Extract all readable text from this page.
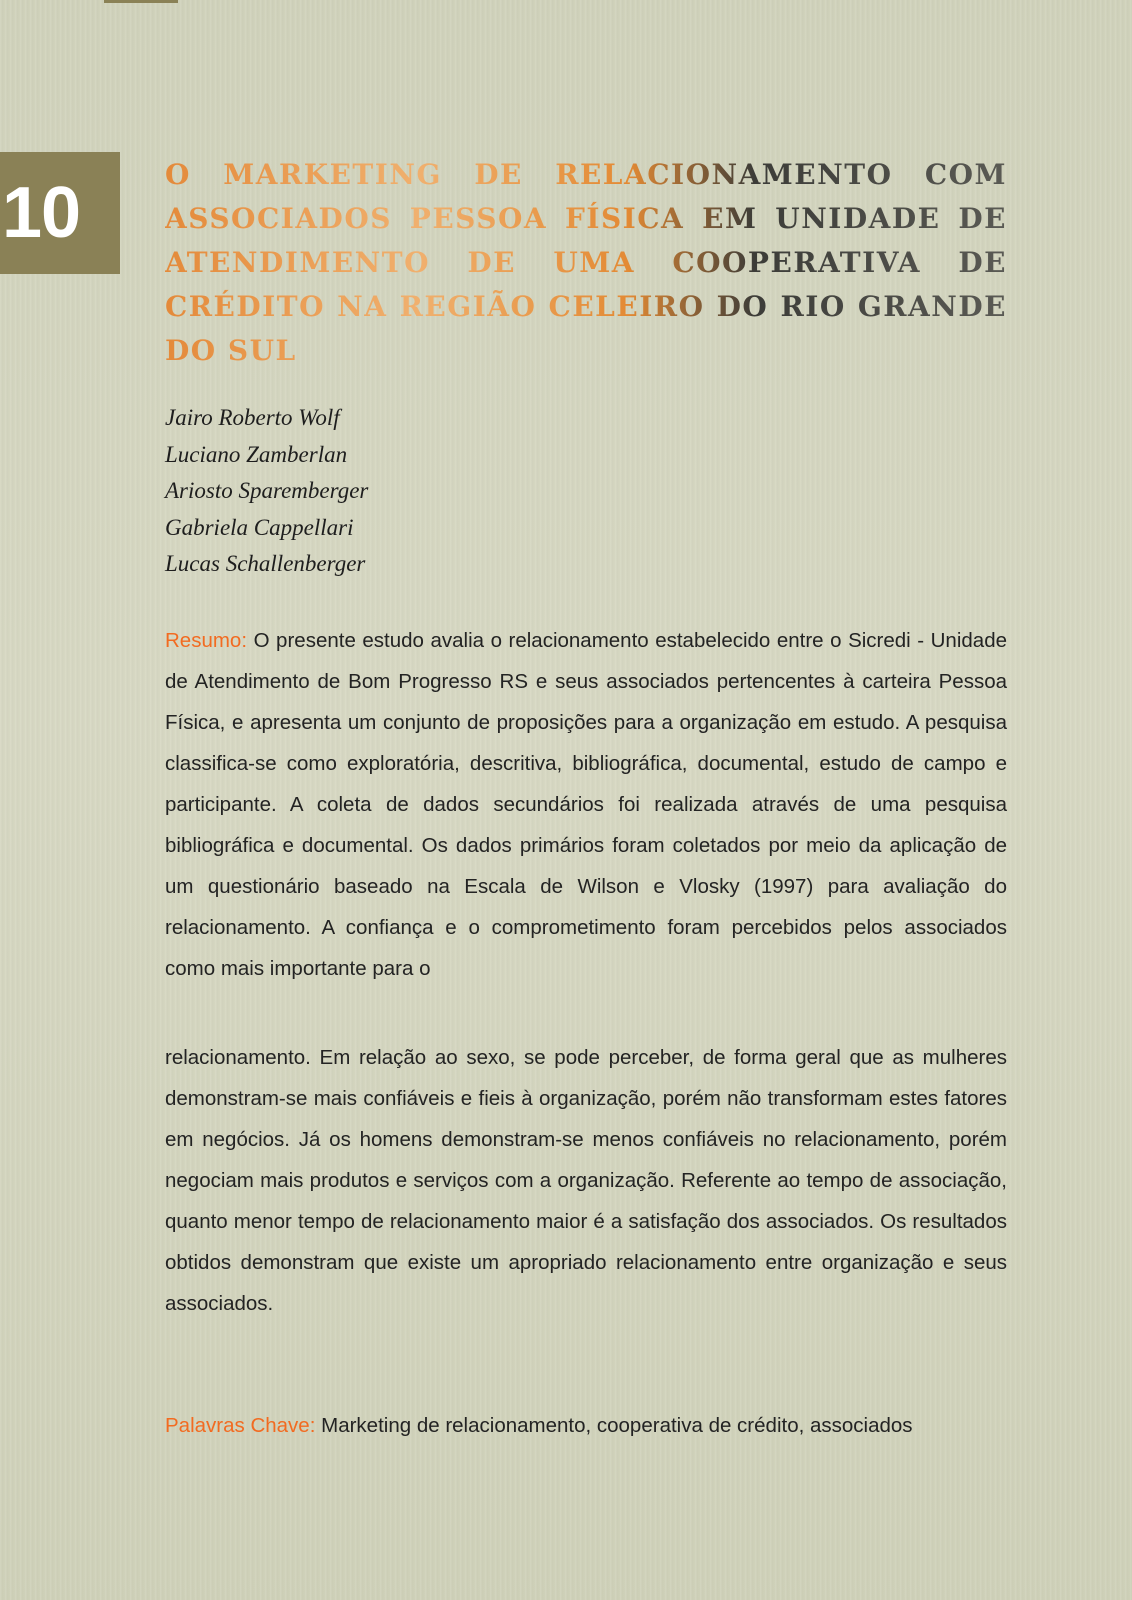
10	O MARKETING DE RELACIONAMENTO COM ASSOCIADOS PESSOA FÍSICA EM UNIDADE DE ATENDIMENTO DE UMA COOPERATIVA DE CRÉDITO NA REGIÃO CELEIRO DO RIO GRANDE DO SUL
Jairo Roberto Wolf
Luciano Zamberlan
Ariosto Sparemberger
Gabriela Cappellari
Lucas Schallenberger

Resumo: O presente estudo avalia o relacionamento estabelecido entre o Sicredi - Unidade de Atendimento de Bom Progresso RS e seus associados pertencentes à carteira Pessoa Física, e apresenta um conjunto de proposições para a organização em estudo. A pesquisa classifica-se como exploratória, descritiva, bibliográfica, documental, estudo de campo e participante. A coleta de dados secundários foi realizada através de uma pesquisa bibliográfica e documental. Os dados primários foram coletados por meio da aplicação de um questionário baseado na Escala de Wilson e Vlosky (1997) para avaliação do relacionamento. A confiança e o comprometimento foram percebidos pelos associados como mais importante para o

relacionamento. Em relação ao sexo, se pode perceber, de forma geral que as mulheres demonstram-se mais confiáveis e fieis à organização, porém não transformam estes fatores em negócios. Já os homens demonstram-se menos confiáveis no relacionamento, porém negociam mais produtos e serviços com a organização. Referente ao tempo de associação, quanto menor tempo de relacionamento maior é a satisfação dos associados. Os resultados obtidos demonstram que existe um apropriado relacionamento entre organização e seus associados.

Palavras Chave: Marketing de relacionamento, cooperativa de crédito, associados
